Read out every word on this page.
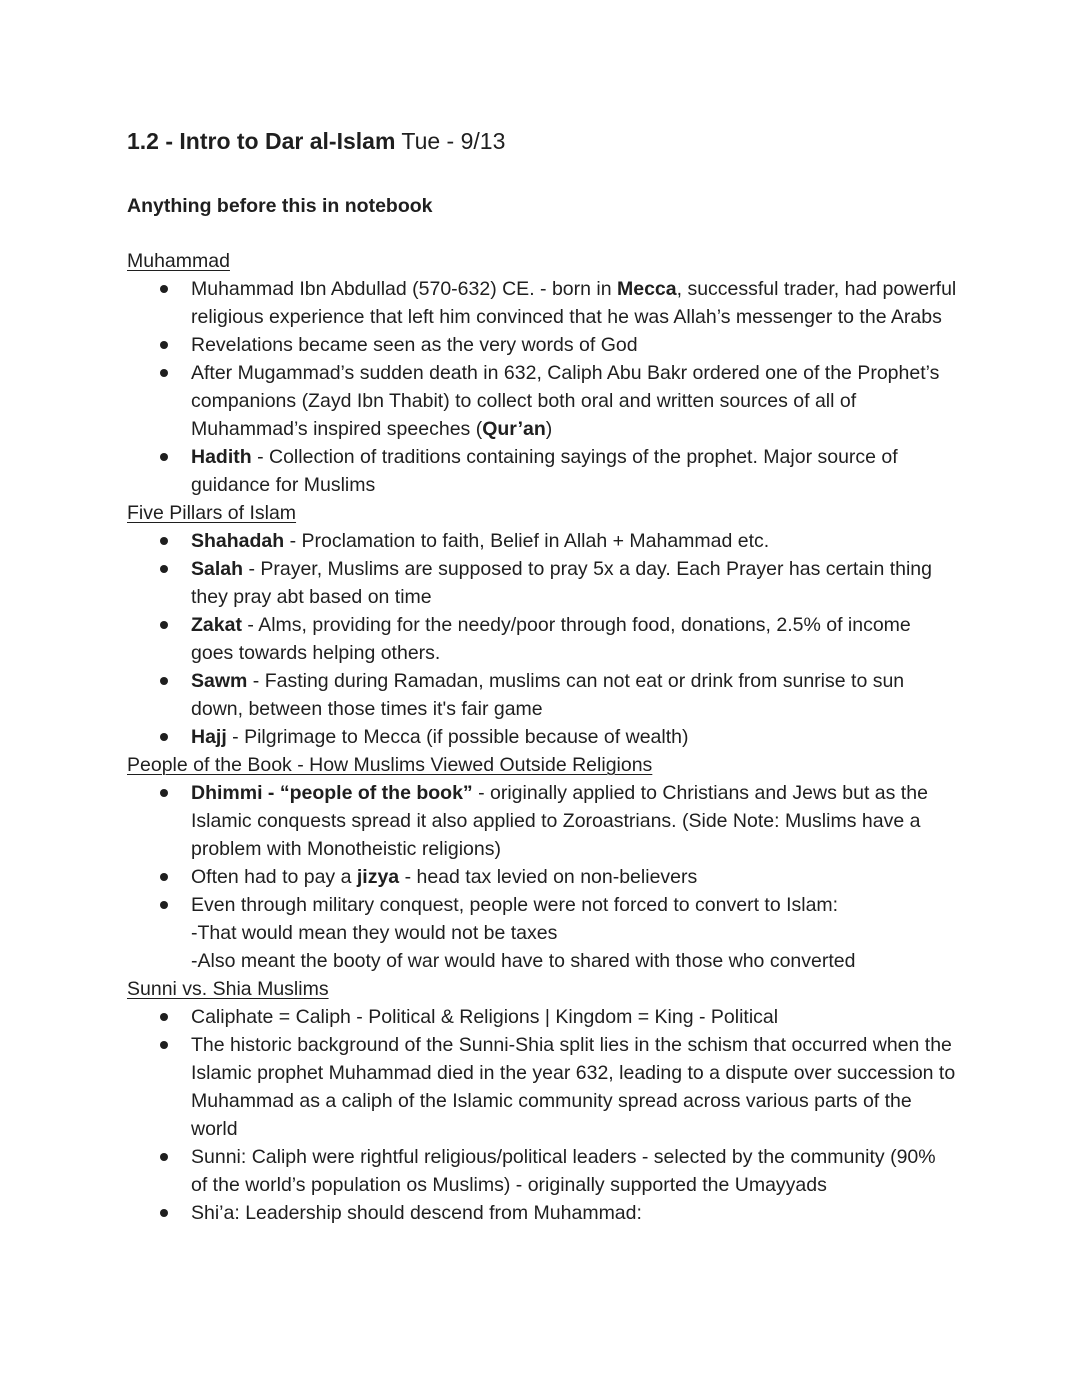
1.2 - Intro to Dar al-Islam Tue - 9/13
Anything before this in notebook
Muhammad
Muhammad Ibn Abdullad (570-632) CE. - born in Mecca, successful trader, had powerful religious experience that left him convinced that he was Allah’s messenger to the Arabs
Revelations became seen as the very words of God
After Mugammad’s sudden death in 632, Caliph Abu Bakr ordered one of the Prophet’s companions (Zayd Ibn Thabit) to collect both oral and written sources of all of Muhammad’s inspired speeches (Qur’an)
Hadith - Collection of traditions containing sayings of the prophet. Major source of guidance for Muslims
Five Pillars of Islam
Shahadah - Proclamation to faith, Belief in Allah + Mahammad etc.
Salah - Prayer, Muslims are supposed to pray 5x a day. Each Prayer has certain thing they pray abt based on time
Zakat - Alms, providing for the needy/poor through food, donations, 2.5% of income goes towards helping others.
Sawm - Fasting during Ramadan, muslims can not eat or drink from sunrise to sun down, between those times it's fair game
Hajj - Pilgrimage to Mecca (if possible because of wealth)
People of the Book - How Muslims Viewed Outside Religions
Dhimmi - “people of the book” - originally applied to Christians and Jews but as the Islamic conquests spread it also applied to Zoroastrians. (Side Note: Muslims have a problem with Monotheistic religions)
Often had to pay a jizya - head tax levied on non-believers
Even through military conquest, people were not forced to convert to Islam:
-That would mean they would not be taxes
-Also meant the booty of war would have to shared with those who converted
Sunni vs. Shia Muslims
Caliphate = Caliph - Political & Religions | Kingdom = King - Political
The historic background of the Sunni-Shia split lies in the schism that occurred when the Islamic prophet Muhammad died in the year 632, leading to a dispute over succession to Muhammad as a caliph of the Islamic community spread across various parts of the world
Sunni: Caliph were rightful religious/political leaders - selected by the community (90% of the world’s population os Muslims) - originally supported the Umayyads
Shi’a: Leadership should descend from Muhammad:
